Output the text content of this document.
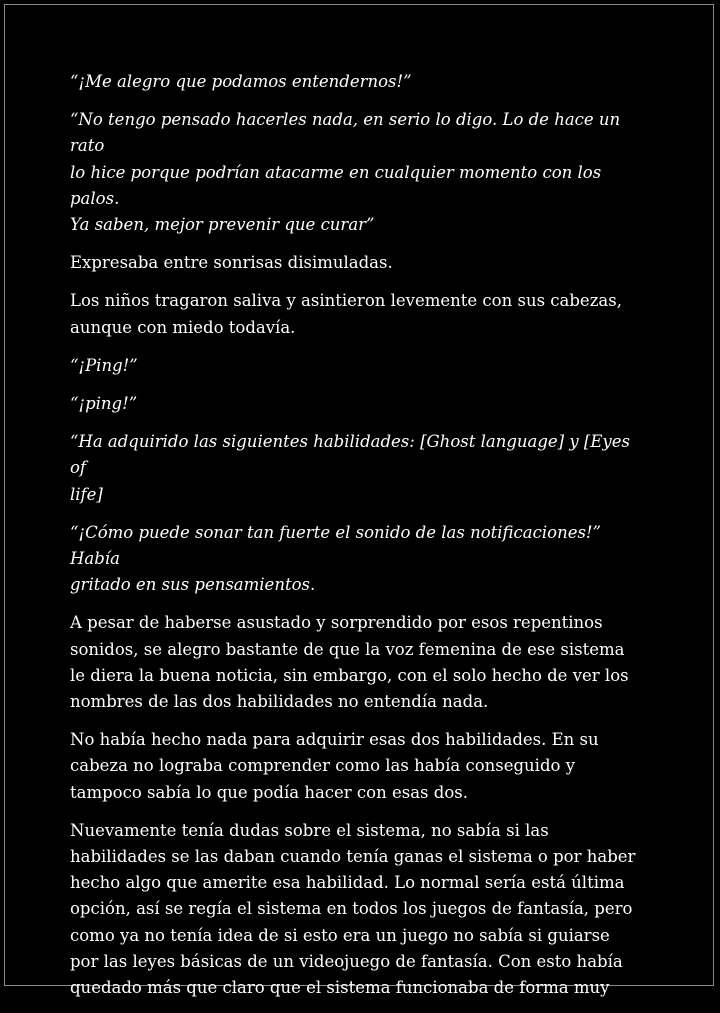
“¡Me alegro que podamos entendernos!”

“No tengo pensado hacerles nada, en serio lo digo. Lo de hace un rato
lo hice porque podrían atacarme en cualquier momento con los palos.
Ya saben, mejor prevenir que curar”

Expresaba entre sonrisas disimuladas.

Los niños tragaron saliva y asintieron levemente con sus cabezas,
aunque con miedo todavía.

“¡Ping!”

“¡ping!”

“Ha adquirido las siguientes habilidades: [Ghost language] y [Eyes of
life]

“¡Cómo puede sonar tan fuerte el sonido de las notificaciones!” Había
gritado en sus pensamientos.

A pesar de haberse asustado y sorprendido por esos repentinos
sonidos, se alegro bastante de que la voz femenina de ese sistema
le diera la buena noticia, sin embargo, con el solo hecho de ver los
nombres de las dos habilidades no entendía nada.

No había hecho nada para adquirir esas dos habilidades. En su
cabeza no lograba comprender como las había conseguido y
tampoco sabía lo que podía hacer con esas dos.

Nuevamente tenía dudas sobre el sistema, no sabía si las
habilidades se las daban cuando tenía ganas el sistema o por haber
hecho algo que amerite esa habilidad. Lo normal sería está última
opción, así se regía el sistema en todos los juegos de fantasía, pero
como ya no tenía idea de si esto era un juego no sabía si guiarse
por las leyes básicas de un videojuego de fantasía. Con esto había
quedado más que claro que el sistema funcionaba de forma muy
